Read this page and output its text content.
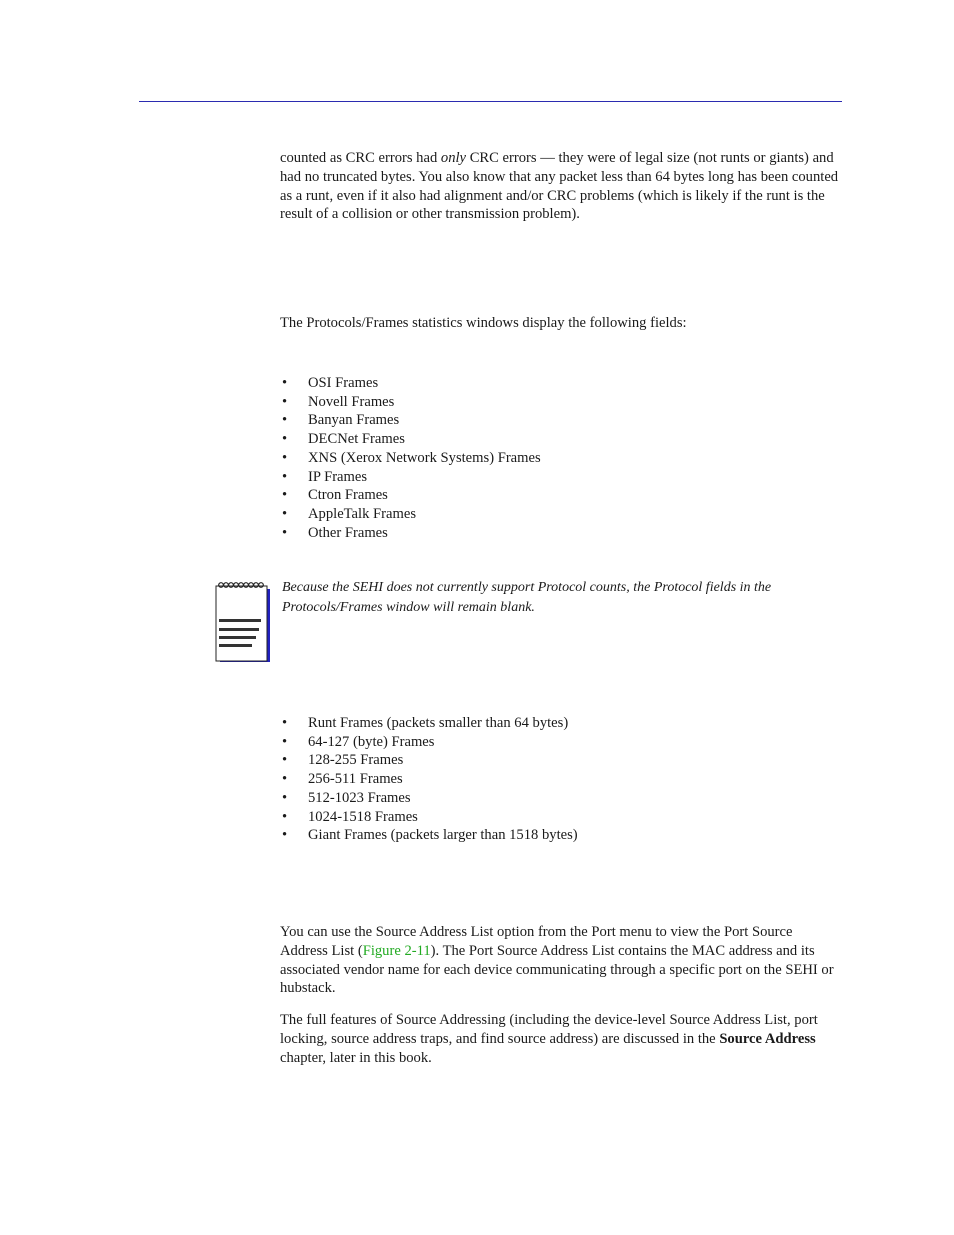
counted as CRC errors had only CRC errors — they were of legal size (not runts or giants) and had no truncated bytes. You also know that any packet less than 64 bytes long has been counted as a runt, even if it also had alignment and/or CRC problems (which is likely if the runt is the result of a collision or other transmission problem).

The Protocols/Frames statistics windows display the following fields:
• OSI Frames
• Novell Frames
• Banyan Frames
• DECNet Frames
• XNS (Xerox Network Systems) Frames
• IP Frames
• Ctron Frames
• AppleTalk Frames
• Other Frames
Because the SEHI does not currently support Protocol counts, the Protocol fields in the Protocols/Frames window will remain blank.
• Runt Frames (packets smaller than 64 bytes)
• 64-127 (byte) Frames
• 128-255 Frames
• 256-511 Frames
• 512-1023 Frames
• 1024-1518 Frames
• Giant Frames (packets larger than 1518 bytes)

You can use the Source Address List option from the Port menu to view the Port Source Address List (Figure 2-11). The Port Source Address List contains the MAC address and its associated vendor name for each device communicating through a specific port on the SEHI or hubstack.

The full features of Source Addressing (including the device-level Source Address List, port locking, source address traps, and find source address) are discussed in the Source Address chapter, later in this book.
